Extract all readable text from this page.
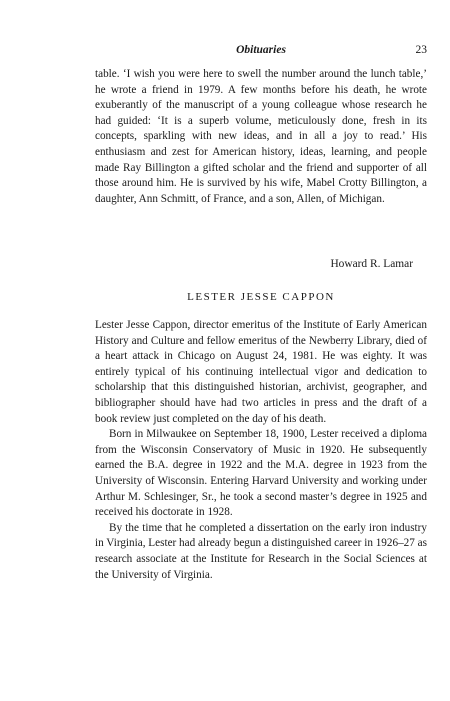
Obituaries	23

table. ‘I wish you were here to swell the number around the lunch table,’ he wrote a friend in 1979. A few months before his death, he wrote exuberantly of the manuscript of a young colleague whose research he had guided: ‘It is a superb volume, meticulously done, fresh in its concepts, sparkling with new ideas, and in all a joy to read.’ His enthusiasm and zest for American history, ideas, learning, and people made Ray Billington a gifted scholar and the friend and supporter of all those around him. He is survived by his wife, Mabel Crotty Billington, a daughter, Ann Schmitt, of France, and a son, Allen, of Michigan.

Howard R. Lamar
LESTER JESSE CAPPON

Lester Jesse Cappon, director emeritus of the Institute of Early American History and Culture and fellow emeritus of the Newberry Library, died of a heart attack in Chicago on August 24, 1981. He was eighty. It was entirely typical of his continuing intellectual vigor and dedication to scholarship that this distinguished historian, archivist, geographer, and bibliographer should have had two articles in press and the draft of a book review just completed on the day of his death.

Born in Milwaukee on September 18, 1900, Lester received a diploma from the Wisconsin Conservatory of Music in 1920. He subsequently earned the B.A. degree in 1922 and the M.A. degree in 1923 from the University of Wisconsin. Entering Harvard University and working under Arthur M. Schlesinger, Sr., he took a second master’s degree in 1925 and received his doctorate in 1928.

By the time that he completed a dissertation on the early iron industry in Virginia, Lester had already begun a distinguished career in 1926–27 as research associate at the Institute for Research in the Social Sciences at the University of Virginia.
